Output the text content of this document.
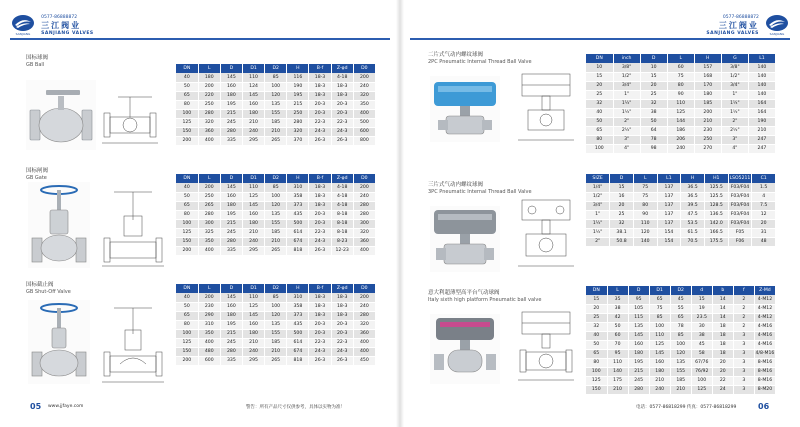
SANJIANG

0577-86888872
三江阀业
SANJIANG VALVES
国标球阀
GB Ball
DN	L	D	D1	D2	H	B-f	Z-φd	D0
40	180	145	110	85	116	18-3	4-18	200
50	200	160	124	100	190	18-3	18-3	240
65	220	180	145	120	195	18-3	18-3	320
80	250	195	160	135	215	20-3	20-3	350
100	280	215	180	155	250	20-3	20-3	400
125	320	245	210	185	280	22-3	22-3	500
150	360	280	240	210	320	24-3	24-3	600
200	400	335	295	265	370	26-3	26-3	800
国标闸阀
GB Gate	DN	L	D	D1	D2	H	B-f	Z-φd	D0
40	200	145	110	85	310	18-3	4-18	200
50	250	160	125	100	358	18-3	4-18	240
65	265	180	145	120	373	18-3	4-18	280
80	280	195	160	135	435	20-3	8-18	280
100	300	215	180	155	500	20-3	8-18	300
125	325	245	210	185	614	22-3	8-18	320
150	350	280	240	210	674	24-3	8-23	360
200	400	335	295	265	818	26-3	12-23	400
国标截止阀
GB Shut-Off Valve	DN	L	D	D1	D2	H	B-f	Z-φd	D0
40	200	145	110	85	310	18-3	18-3	200
50	230	160	125	100	358	18-3	18-3	240
65	290	180	145	120	373	18-3	18-3	280
80	310	195	160	135	435	20-3	20-3	320
100	350	215	180	155	500	20-3	20-3	360
125	400	245	210	185	614	22-3	22-3	400
150	480	280	240	210	674	24-3	24-3	400
200	600	335	295	265	818	26-3	26-3	450
05 www.jjfaye.com	警告：所有产品尺寸仅供参考，具体以实物为准！
0577-86888872
三江阀业
SANJIANG VALVES
	SANJIANG
二片式气动内螺纹球阀
2PC Pneumatic Internal Thread Ball Valve	DN	inch	D	L	H	G	L1
10	3/8"	10	60	157	3/8"	140
15	1/2"	15	75	168	1/2"	140
20	3/4"	20	80	170	3/4"	140
25	1"	25	90	180	1"	140
32	1¼"	32	110	185	1¼"	164
40	1½"	38	125	200	1½"	164
50	2"	50	144	210	2"	190
65	2½"	64	186	230	2½"	210
80	3"	78	206	250	3"	247
100	4"	98	240	270	4"	247
三片式气动内螺纹球阀
3PC Pneumatic Internal Thread Ball Valve
SIZE	D	L	L1	H	H1	LSO5211	C1
1/4"	15	75	137	36.5	125.5	F03/F04	1.5
1/2"	16	75	137	36.5	125.5	F03/F04	4
3/4"	20	80	137	39.5	128.5	F03/F04	7.5
1"	25	90	137	47.5	136.5	F03/F04	12
1¼"	32	110	137	53.5	142.0	F03/F04	20
1½"	38.1	120	154	61.5	166.5	F05	31
2"	50.8	140	154	70.5	175.5	F06	48
意大利超薄型高平台气动球阀
Italy sixth high platform Pneumatic ball valve
DN	L	D	D1	D2	d	b	f	Z-Md
15	35	95	65	45	15	14	2	4-M12
20	38	105	75	55	19	14	2	4-M12
25	42	115	85	65	23.5	14	2	4-M12
32	50	135	100	78	30	18	2	4-M16
40	60	145	110	85	38	18	3	4-M16
50	70	160	125	100	45	18	3	4-M16
65	95	180	145	120	58	18	3	4/8-M16
80	110	195	160	135	67/76	20	3	8-M16
100	140	215	180	155	76/92	20	3	8-M16
125	175	245	210	185	100	22	3	8-M16
150	210	280	240	210	125	24	3	8-M20
电话：0577-86818299 传真：0577-86818299	06
